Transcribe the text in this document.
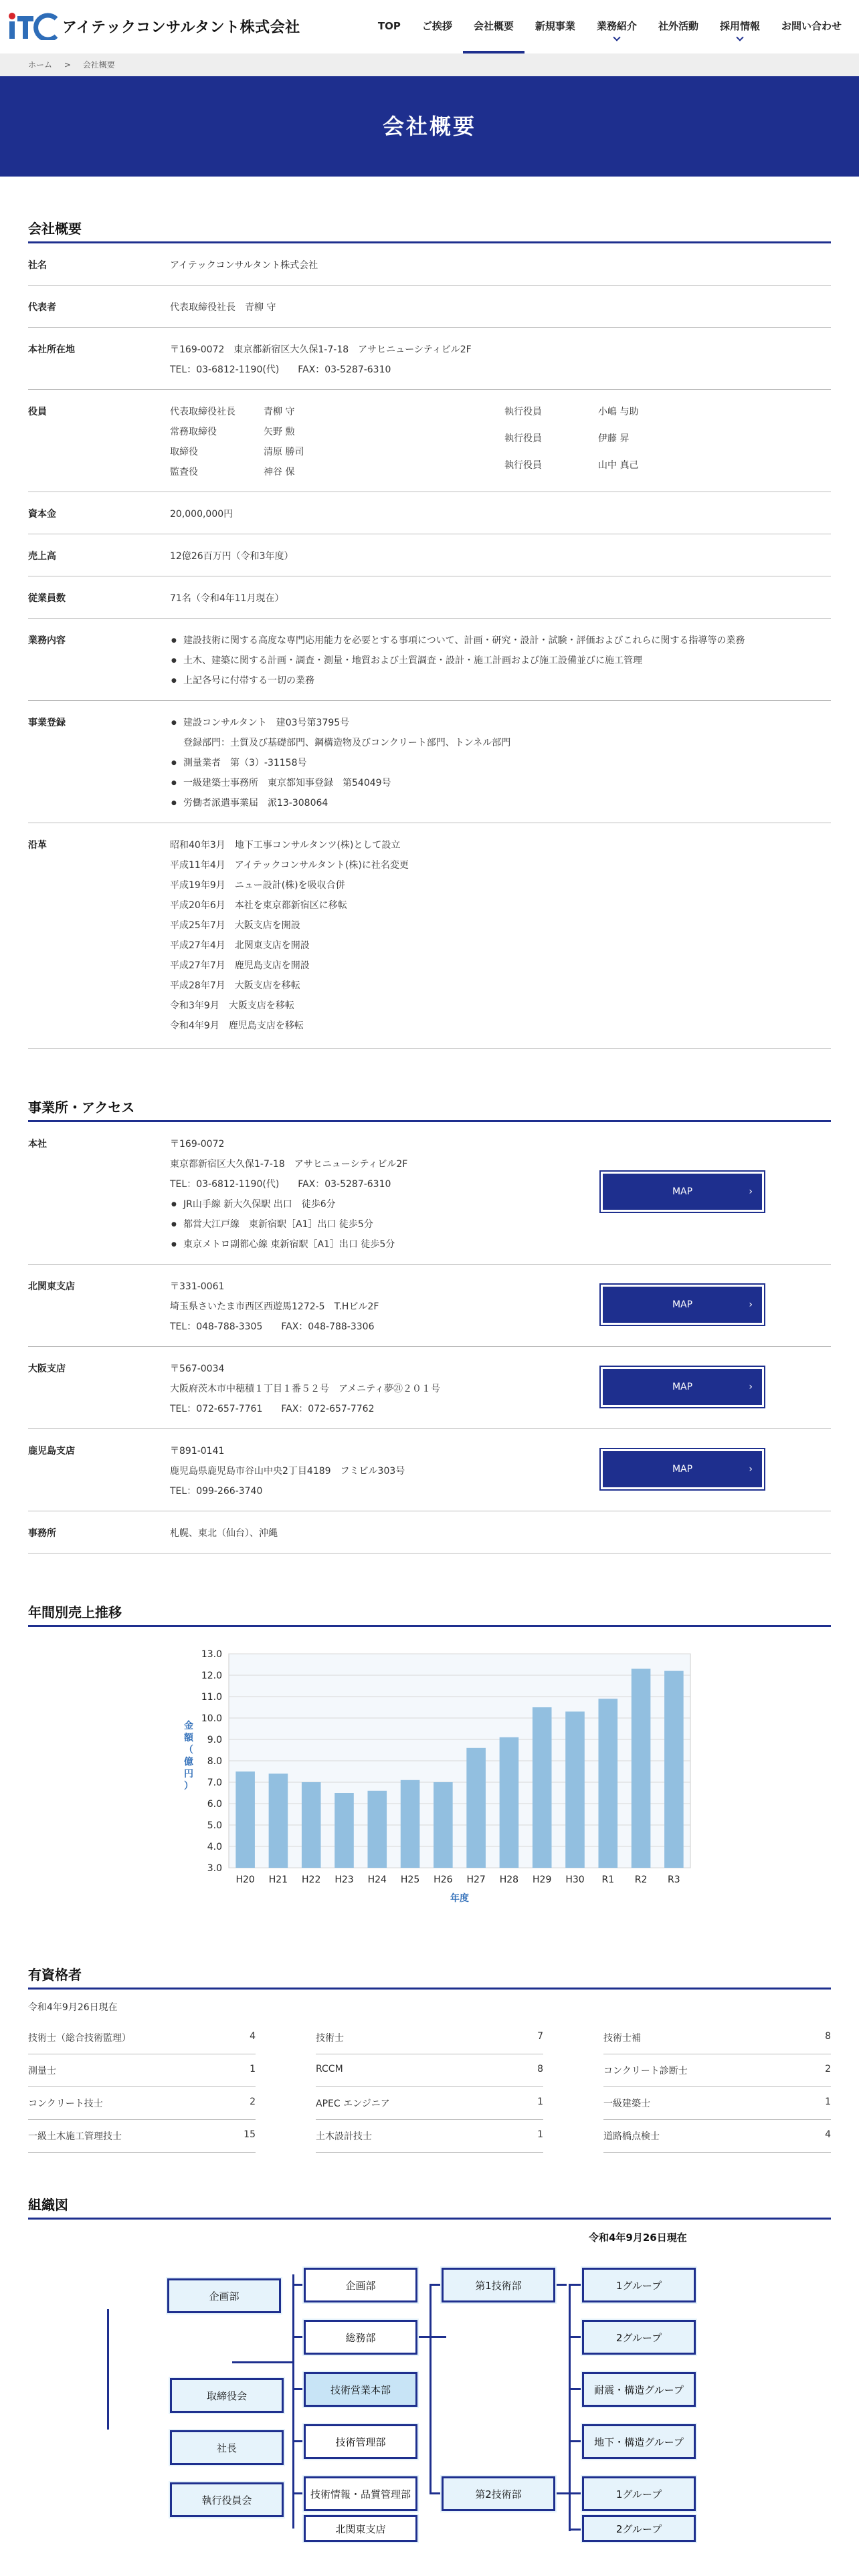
アイテックコンサルタント株式会社	TOP	ご挨拶	会社概要	新規事業	業務紹介	社外活動	採用情報	お問い合わせ
ホーム > 会社概要
会社概要
会社概要
社名	アイテックコンサルタント株式会社
代表者	代表取締役社長　青柳 守
本社所在地	〒169-0072　東京都新宿区大久保1-7-18　アサヒニューシティビル2F
TEL：03-6812-1190(代)　　FAX：03-5287-6310
役員	代表取締役社長	青柳 守
常務取締役	矢野 勲
取締役	清原 勝司
監査役	神谷 保
執行役員	小嶋 与助
執行役員	伊藤 昇
執行役員	山中 真己
資本金	20,000,000円
売上高	12億26百万円（令和3年度）
従業員数	71名（令和4年11月現在）
業務内容	● 建設技術に関する高度な専門応用能力を必要とする事項について、計画・研究・設計・試験・評価およびこれらに関する指導等の業務
● 土木、建築に関する計画・調査・測量・地質および土質調査・設計・施工計画および施工設備並びに施工管理
● 上記各号に付帯する一切の業務
事業登録	● 建設コンサルタント　建03号第3795号
登録部門：土質及び基礎部門、鋼構造物及びコンクリート部門、トンネル部門
● 測量業者　第（3）-31158号
● 一級建築士事務所　東京都知事登録　第54049号
● 労働者派遣事業届　派13-308064
沿革	昭和40年3月　地下工事コンサルタンツ(株)として設立
平成11年4月　アイテックコンサルタント(株)に社名変更
平成19年9月　ニュー設計(株)を吸収合併
平成20年6月　本社を東京都新宿区に移転
平成25年7月　大阪支店を開設
平成27年4月　北関東支店を開設
平成27年7月　鹿児島支店を開設
平成28年7月　大阪支店を移転
令和3年9月　大阪支店を移転
令和4年9月　鹿児島支店を移転
事業所・アクセス
本社	〒169-0072
東京都新宿区大久保1-7-18　アサヒニューシティビル2F
TEL：03-6812-1190(代)　　FAX：03-5287-6310
● JR山手線 新大久保駅 出口　徒歩6分
● 都営大江戸線　東新宿駅［A1］出口 徒歩5分
● 東京メトロ副都心線 東新宿駅［A1］出口 徒歩5分
MAP	›
北関東支店	〒331-0061
埼玉県さいたま市西区西遊馬1272-5　T.Hビル2F
TEL：048-788-3305　　FAX：048-788-3306
MAP	›
大阪支店	〒567-0034
大阪府茨木市中穂積１丁目１番５２号　アメニティ夢㉑２０１号
TEL：072-657-7761　　FAX：072-657-7762
MAP	›
鹿児島支店	〒891-0141
鹿児島県鹿児島市谷山中央2丁目4189　フミビル303号
TEL：099-266-3740
MAP	›
事務所	札幌、東北（仙台）、沖縄
年間別売上推移
3.0
4.0
5.0
6.0
7.0
8.0
9.0
10.0
11.0
12.0
13.0
H20 H21 H22 H23 H24 H25 H26 H27 H28 H29 H30 R1 R2 R3
年度
金
額
（
億
円
）
有資格者
令和4年9月26日現在
技術士（総合技術監理）	4	技術士	7	技術士補	8
測量士	1	RCCM	8	コンクリート診断士	2
コンクリート技士	2	APEC エンジニア	1	一級建築士	1
一級土木施工管理技士	15	土木設計技士	1	道路橋点検士	4
組織図
令和4年9月26日現在
企画部
企画部
総務部
技術営業本部
技術管理部
技術情報・品質管理部
北関東支店
取締役会
社長
執行役員会
第1技術部
第2技術部
1グループ
2グループ
耐震・構造グループ
地下・構造グループ
1グループ
2グループ
